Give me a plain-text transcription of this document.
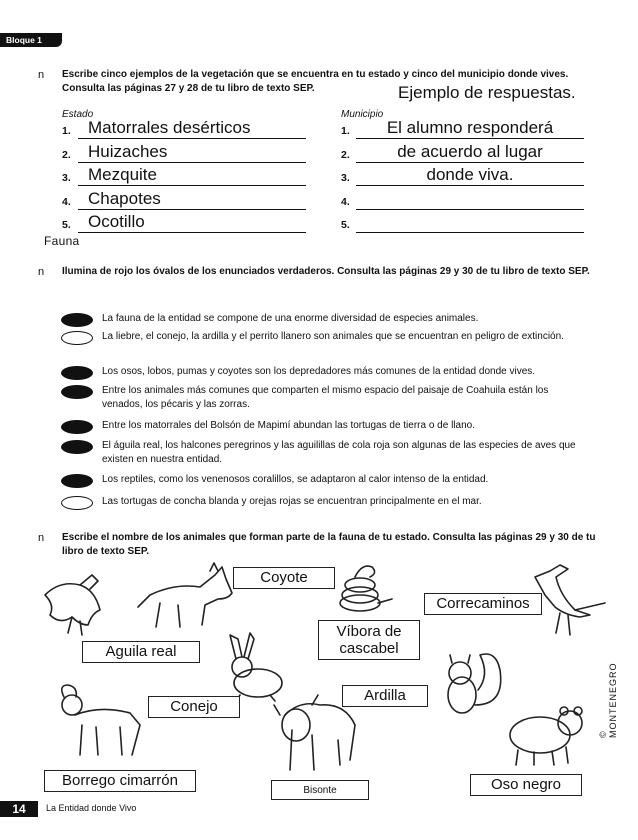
Bloque 1
n Escribe cinco ejemplos de la vegetación que se encuentra en tu estado y cinco del municipio donde vives. Consulta las páginas 27 y 28 de tu libro de texto SEP.	Ejemplo de respuestas.
Estado	Municipio
1.	Matorrales desérticos
2.	Huizaches
3.	Mezquite
4.	Chapotes
5.	Ocotillo
1.	El alumno responderá
2.	de acuerdo al lugar
3.	donde viva.
4.
5.
Fauna
n Ilumina de rojo los óvalos de los enunciados verdaderos. Consulta las páginas 29 y 30 de tu libro de texto SEP.
La fauna de la entidad se compone de una enorme diversidad de especies animales.
La liebre, el conejo, la ardilla y el perrito llanero son animales que se encuentran en peligro de extinción.
Los osos, lobos, pumas y coyotes son los depredadores más comunes de la entidad donde vives.
Entre los animales más comunes que comparten el mismo espacio del paisaje de Coahuila están los venados, los pécaris y las zorras.
Entre los matorrales del Bolsón de Mapimí abundan las tortugas de tierra o de llano.
El águila real, los halcones peregrinos y las aguilillas de cola roja son algunas de las especies de aves que existen en nuestra entidad.
Los reptiles, como los venenosos coralillos, se adaptaron al calor intenso de la entidad.
Las tortugas de concha blanda y orejas rojas se encuentran principalmente en el mar.
n Escribe el nombre de los animales que forman parte de la fauna de tu estado. Consulta las páginas 29 y 30 de tu libro de texto SEP.
Coyote
Correcaminos
Víbora de cascabel
Aguila real
Ardilla
Conejo
Borrego cimarrón
Bisonte	Oso negro
© MONTENEGRO
14	La Entidad donde Vivo
